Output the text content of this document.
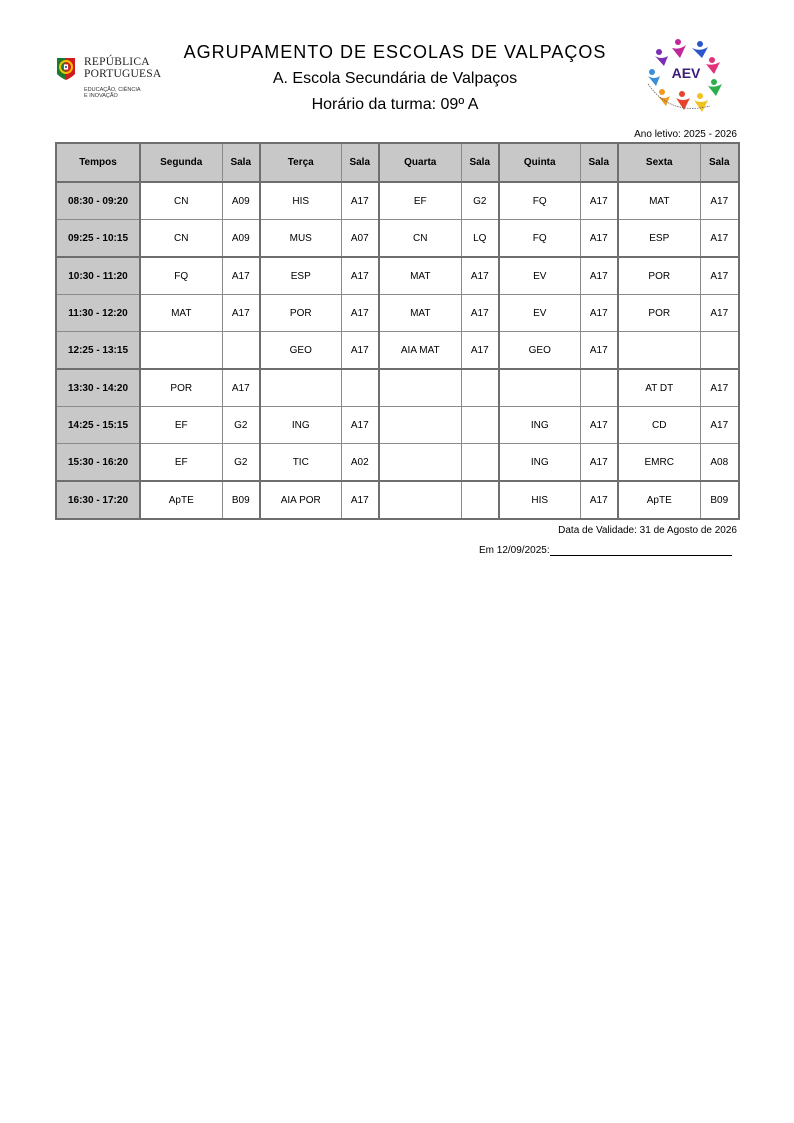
REPÚBLICA
PORTUGUESA
EDUCAÇÃO, CIÊNCIA
E INOVAÇÃO
AGRUPAMENTO DE ESCOLAS DE VALPAÇOS
A. Escola Secundária de Valpaços
Horário da turma: 09º A
AEV
Ano letivo: 2025 - 2026
Tempos	Segunda	Sala	Terça	Sala	Quarta	Sala	Quinta	Sala	Sexta	Sala
08:30 - 09:20	CN	A09	HIS	A17	EF	G2	FQ	A17	MAT	A17
09:25 - 10:15	CN	A09	MUS	A07	CN	LQ	FQ	A17	ESP	A17
10:30 - 11:20	FQ	A17	ESP	A17	MAT	A17	EV	A17	POR	A17
11:30 - 12:20	MAT	A17	POR	A17	MAT	A17	EV	A17	POR	A17
12:25 - 13:15			GEO	A17	AIA MAT	A17	GEO	A17		
13:30 - 14:20	POR	A17							AT DT	A17
14:25 - 15:15	EF	G2	ING	A17			ING	A17	CD	A17
15:30 - 16:20	EF	G2	TIC	A02			ING	A17	EMRC	A08
16:30 - 17:20	ApTE	B09	AIA POR	A17			HIS	A17	ApTE	B09
Data de Validade: 31 de Agosto de 2026
Em 12/09/2025:
